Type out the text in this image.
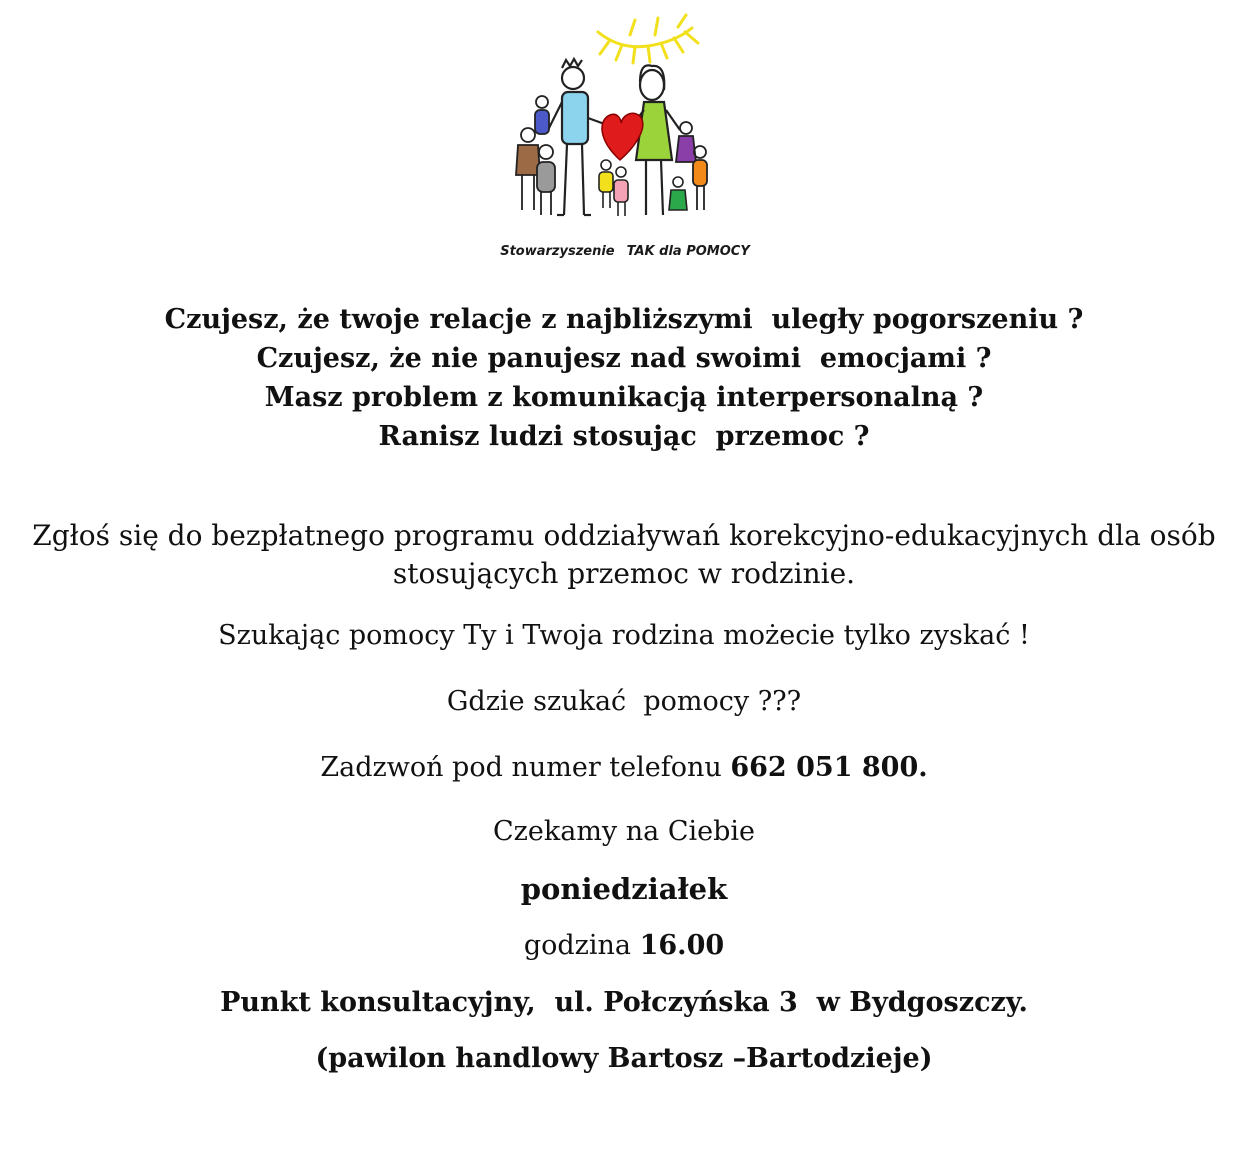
Stowarzyszenie TAK dla POMOCY
Czujesz, że twoje relacje z najbliższymi  uległy pogorszeniu ?
Czujesz, że nie panujesz nad swoimi  emocjami ?
Masz problem z komunikacją interpersonalną ?
Ranisz ludzi stosując  przemoc ?
Zgłoś się do bezpłatnego programu oddziaływań korekcyjno-edukacyjnych dla osób stosujących przemoc w rodzinie.
Szukając pomocy Ty i Twoja rodzina możecie tylko zyskać !
Gdzie szukać  pomocy ???
Zadzwoń pod numer telefonu 662 051 800.
Czekamy na Ciebie
poniedziałek
godzina 16.00
Punkt konsultacyjny,  ul. Połczyńska 3  w Bydgoszczy.
(pawilon handlowy Bartosz –Bartodzieje)
